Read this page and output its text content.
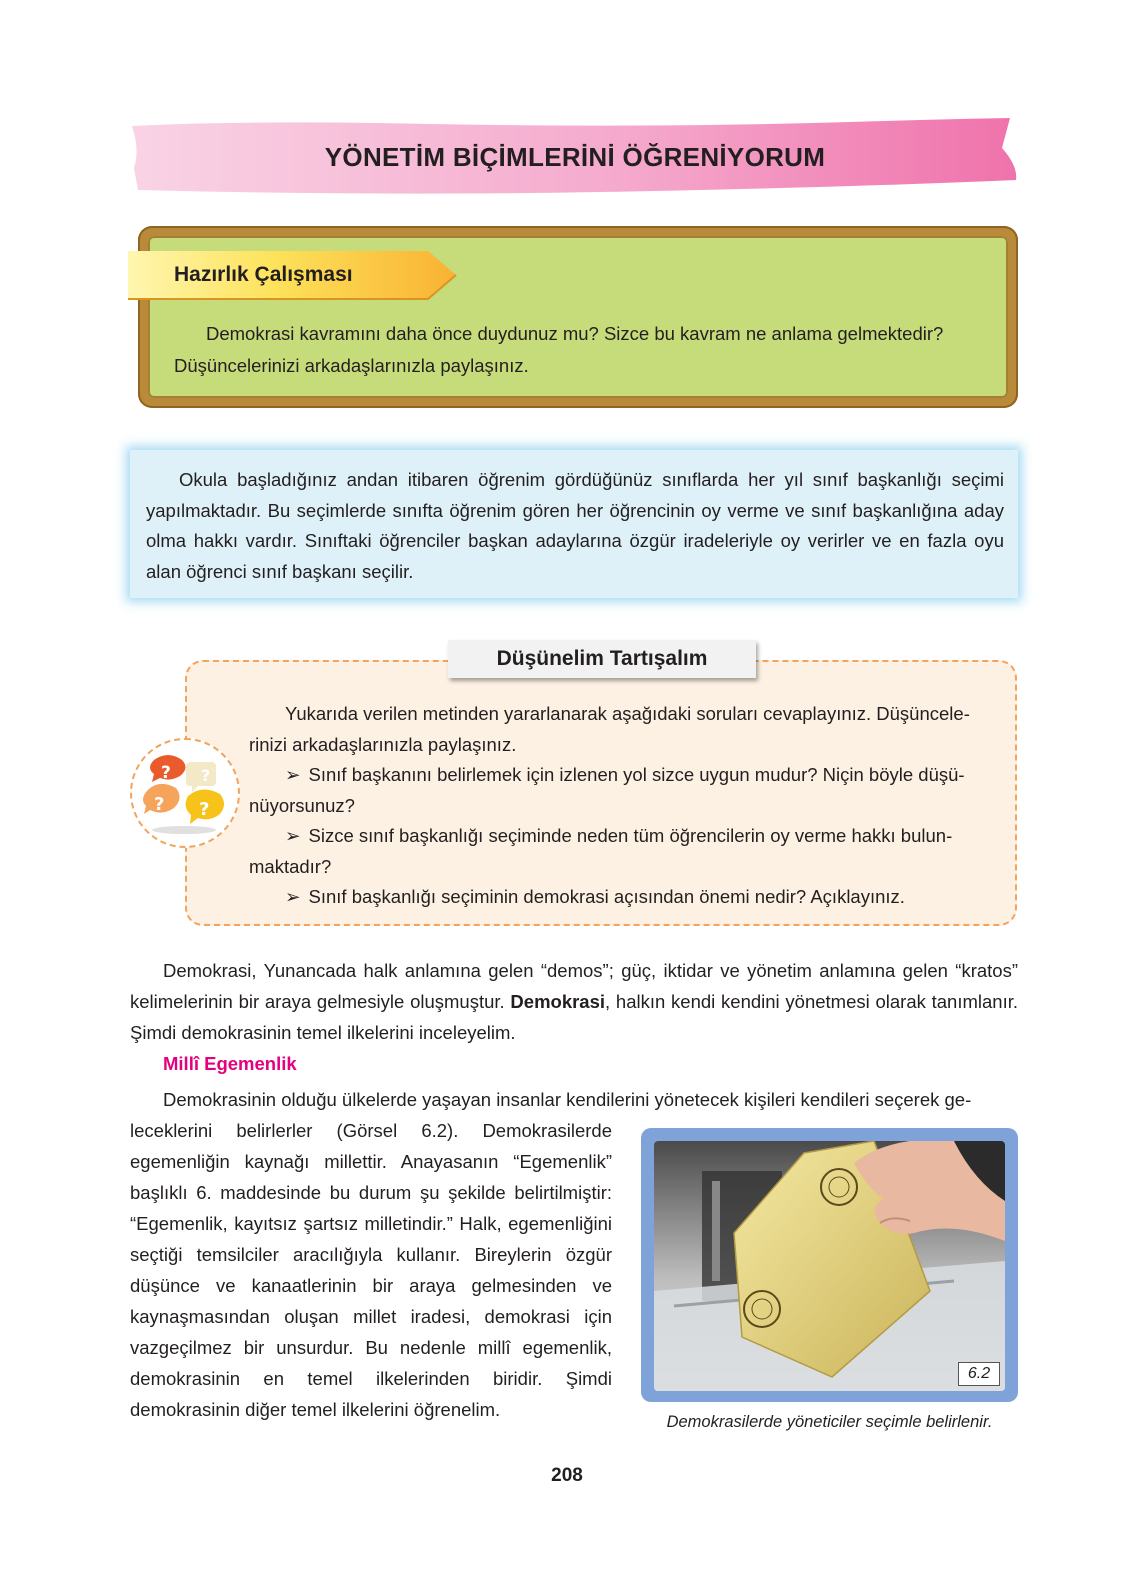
YÖNETİM BİÇİMLERİNİ ÖĞRENİYORUM
Hazırlık Çalışması
Demokrasi kavramını daha önce duydunuz mu? Sizce bu kavram ne anlama gelmektedir?
Düşüncelerinizi arkadaşlarınızla paylaşınız.
Okula başladığınız andan itibaren öğrenim gördüğünüz sınıflarda her yıl sınıf başkanlığı seçimi yapılmaktadır. Bu seçimlerde sınıfta öğrenim gören her öğrencinin oy verme ve sınıf başkanlığına aday olma hakkı vardır. Sınıftaki öğrenciler başkan adaylarına özgür iradeleriyle oy verirler ve en fazla oyu alan öğrenci sınıf başkanı seçilir.
Düşünelim Tartışalım
?
?
? ?

Yukarıda verilen metinden yararlanarak aşağıdaki soruları cevaplayınız. Düşüncele-

rinizi arkadaşlarınızla paylaşınız.

➢ Sınıf başkanını belirlemek için izlenen yol sizce uygun mudur? Niçin böyle düşü-

nüyorsunuz?

➢ Sizce sınıf başkanlığı seçiminde neden tüm öğrencilerin oy verme hakkı bulun-

maktadır?

➢ Sınıf başkanlığı seçiminin demokrasi açısından önemi nedir? Açıklayınız.

Demokrasi, Yunancada halk anlamına gelen “demos”; güç, iktidar ve yönetim anlamına gelen “kratos” kelimelerinin bir araya gelmesiyle oluşmuştur. Demokrasi, halkın kendi kendini yönetmesi olarak tanımlanır. Şimdi demokrasinin temel ilkelerini inceleyelim.

Millî Egemenlik
Demokrasinin olduğu ülkelerde yaşayan insanlar kendilerini yönetecek kişileri kendileri seçerek ge-
leceklerini belirlerler (Görsel 6.2). Demokrasilerde egemenliğin kaynağı millettir. Anayasanın “Egemenlik” başlıklı 6. maddesinde bu durum şu şekilde belirtilmiştir: “Egemenlik, kayıtsız şartsız milletindir.” Halk, egemenliğini seçtiği temsilciler aracılığıyla kullanır. Bireylerin özgür düşünce ve kanaatlerinin bir araya gelmesinden ve kaynaşmasından oluşan millet iradesi, demokrasi için vazgeçilmez bir unsurdur. Bu nedenle millî egemenlik, demokrasinin en temel ilkelerinden biridir. Şimdi demokrasinin diğer temel ilkelerini öğrenelim.
6.2
Demokrasilerde yöneticiler seçimle belirlenir.
208
